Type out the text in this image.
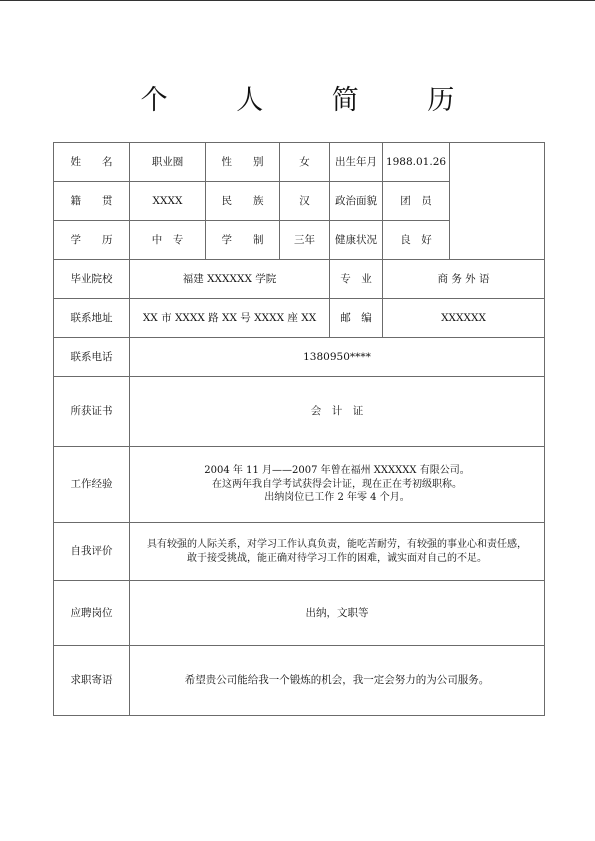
个 人 简 历
姓　　名	职业圈	性　　别	女	出生年月	1988.01.26	
籍　　贯	XXXX	民　　族	汉	政治面貌	团　员	
学　　历	中　专	学　　制	三年	健康状况	良　好	
毕业院校	福建 XXXXXX 学院			专　业	商 务 外 语	
联系地址	XX 市 XXXX 路 XX 号 XXXX 座 XX			邮　编	XXXXXX	
联系电话	1380950****					
所获证书	会　计　证					
工作经验	2004 年 11 月——2007 年曾在福州 XXXXXX 有限公司。
在这两年我自学考试获得会计证，现在正在考初级职称。
出纳岗位已工作 2 年零 4 个月。					

自我评价	具有较强的人际关系，对学习工作认真负责，能吃苦耐劳，有较强的事业心和责任感，
敢于接受挑战，能正确对待学习工作的困难，诚实面对自己的不足。					

应聘岗位	出纳，文职等					
求职寄语	希望贵公司能给我一个锻炼的机会，我一定会努力的为公司服务。					
